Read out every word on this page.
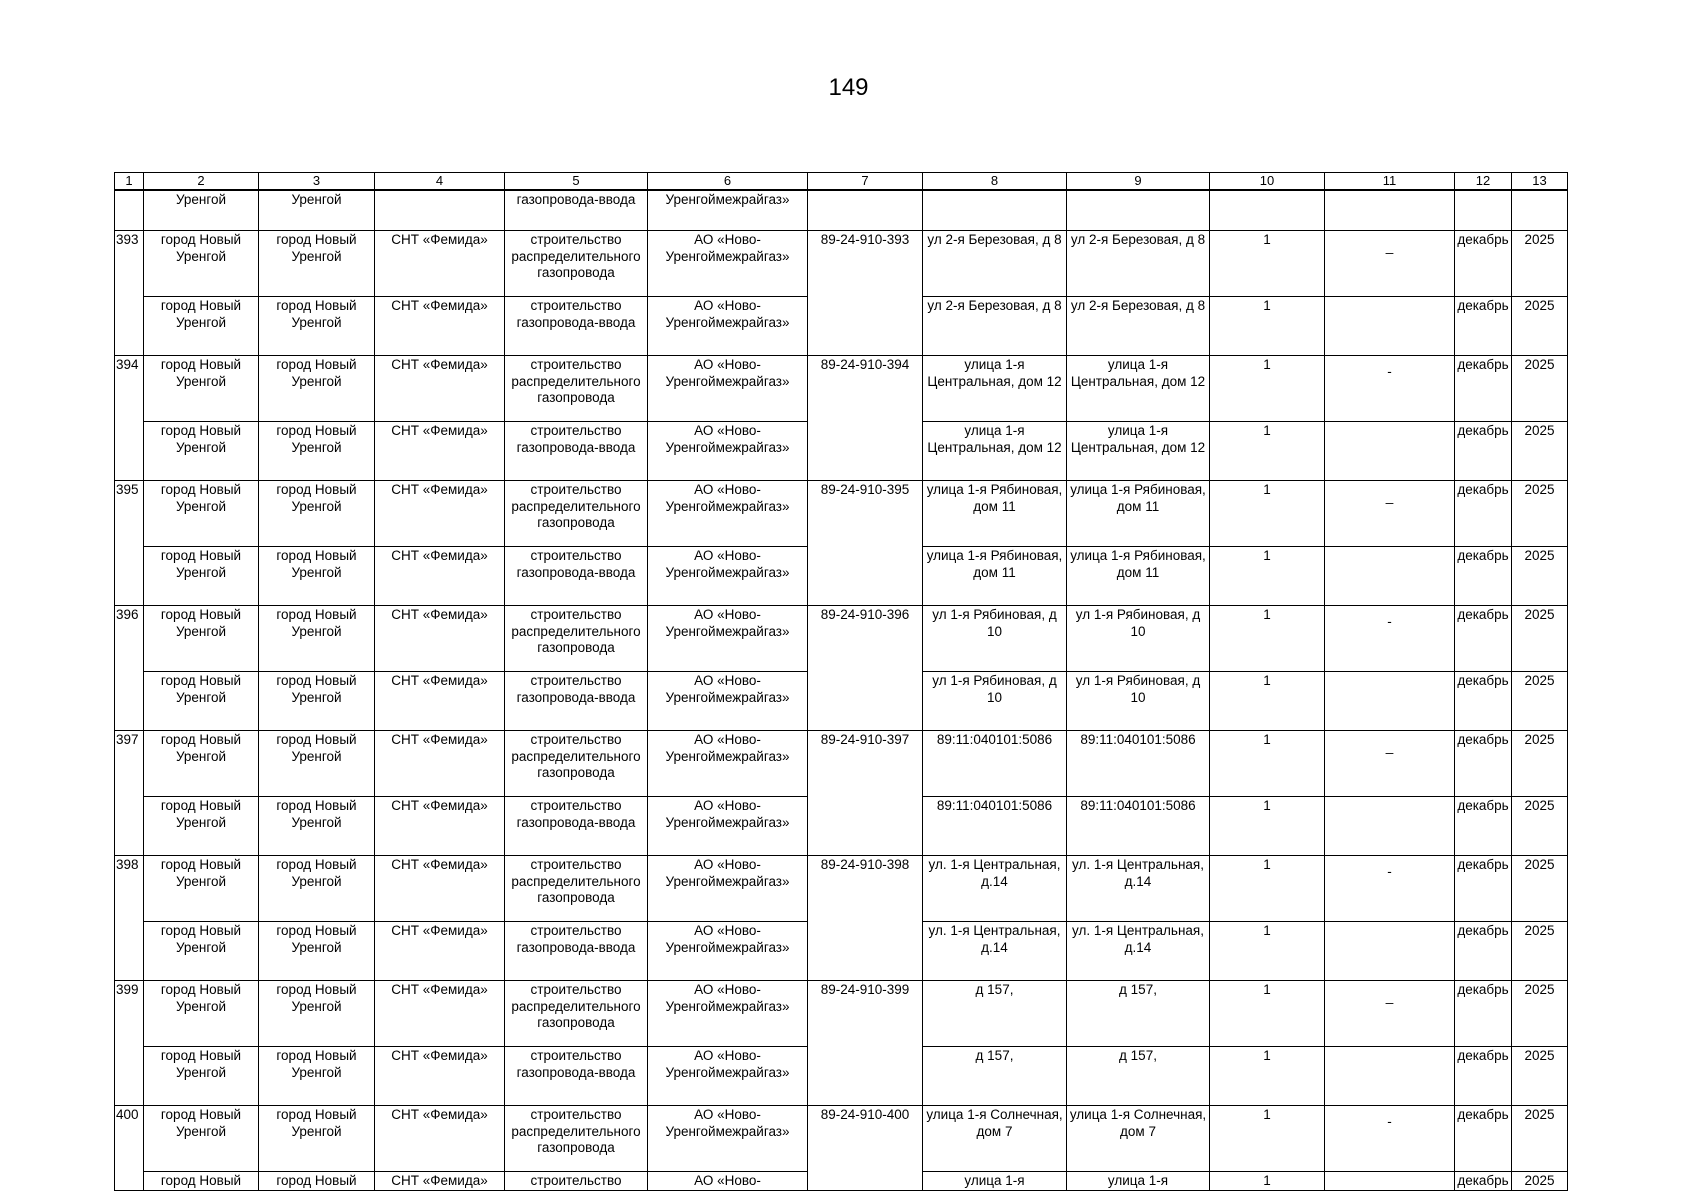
149
1	2	3	4	5	6	7	8	9	10	11	12	13
	Уренгой	Уренгой		газопровода-ввода	Уренгоймежрайгаз»							
393	город Новый Уренгой	город Новый Уренгой	СНТ «Фемида»	строительство распределительного газопровода	АО «Ново-Уренгоймежрайгаз»	89-24-910-393	ул 2-я Березовая, д 8	ул 2-я Березовая, д 8	1	_	декабрь	2025
	город Новый Уренгой	город Новый Уренгой	СНТ «Фемида»	строительство газопровода-ввода	АО «Ново-Уренгоймежрайгаз»		ул 2-я Березовая, д 8	ул 2-я Березовая, д 8	1		декабрь	2025
394	город Новый Уренгой	город Новый Уренгой	СНТ «Фемида»	строительство распределительного газопровода	АО «Ново-Уренгоймежрайгаз»	89-24-910-394	улица 1-я Центральная, дом 12	улица 1-я Центральная, дом 12	1	-	декабрь	2025
	город Новый Уренгой	город Новый Уренгой	СНТ «Фемида»	строительство газопровода-ввода	АО «Ново-Уренгоймежрайгаз»		улица 1-я Центральная, дом 12	улица 1-я Центральная, дом 12	1		декабрь	2025
395	город Новый Уренгой	город Новый Уренгой	СНТ «Фемида»	строительство распределительного газопровода	АО «Ново-Уренгоймежрайгаз»	89-24-910-395	улица 1-я Рябиновая, дом 11	улица 1-я Рябиновая, дом 11	1	_	декабрь	2025
	город Новый Уренгой	город Новый Уренгой	СНТ «Фемида»	строительство газопровода-ввода	АО «Ново-Уренгоймежрайгаз»		улица 1-я Рябиновая, дом 11	улица 1-я Рябиновая, дом 11	1		декабрь	2025
396	город Новый Уренгой	город Новый Уренгой	СНТ «Фемида»	строительство распределительного газопровода	АО «Ново-Уренгоймежрайгаз»	89-24-910-396	ул 1-я Рябиновая, д 10	ул 1-я Рябиновая, д 10	1	-	декабрь	2025
	город Новый Уренгой	город Новый Уренгой	СНТ «Фемида»	строительство газопровода-ввода	АО «Ново-Уренгоймежрайгаз»		ул 1-я Рябиновая, д 10	ул 1-я Рябиновая, д 10	1		декабрь	2025
397	город Новый Уренгой	город Новый Уренгой	СНТ «Фемида»	строительство распределительного газопровода	АО «Ново-Уренгоймежрайгаз»	89-24-910-397	89:11:040101:5086	89:11:040101:5086	1	_	декабрь	2025
	город Новый Уренгой	город Новый Уренгой	СНТ «Фемида»	строительство газопровода-ввода	АО «Ново-Уренгоймежрайгаз»		89:11:040101:5086	89:11:040101:5086	1		декабрь	2025
398	город Новый Уренгой	город Новый Уренгой	СНТ «Фемида»	строительство распределительного газопровода	АО «Ново-Уренгоймежрайгаз»	89-24-910-398	ул. 1-я Центральная, д.14	ул. 1-я Центральная, д.14	1	-	декабрь	2025
	город Новый Уренгой	город Новый Уренгой	СНТ «Фемида»	строительство газопровода-ввода	АО «Ново-Уренгоймежрайгаз»		ул. 1-я Центральная, д.14	ул. 1-я Центральная, д.14	1		декабрь	2025
399	город Новый Уренгой	город Новый Уренгой	СНТ «Фемида»	строительство распределительного газопровода	АО «Ново-Уренгоймежрайгаз»	89-24-910-399	д 157,	д 157,	1	_	декабрь	2025
	город Новый Уренгой	город Новый Уренгой	СНТ «Фемида»	строительство газопровода-ввода	АО «Ново-Уренгоймежрайгаз»		д 157,	д 157,	1		декабрь	2025
400	город Новый Уренгой	город Новый Уренгой	СНТ «Фемида»	строительство распределительного газопровода	АО «Ново-Уренгоймежрайгаз»	89-24-910-400	улица 1-я Солнечная, дом 7	улица 1-я Солнечная, дом 7	1	-	декабрь	2025
	город Новый	город Новый	СНТ «Фемида»	строительство	АО «Ново-		улица 1-я	улица 1-я	1		декабрь	2025
